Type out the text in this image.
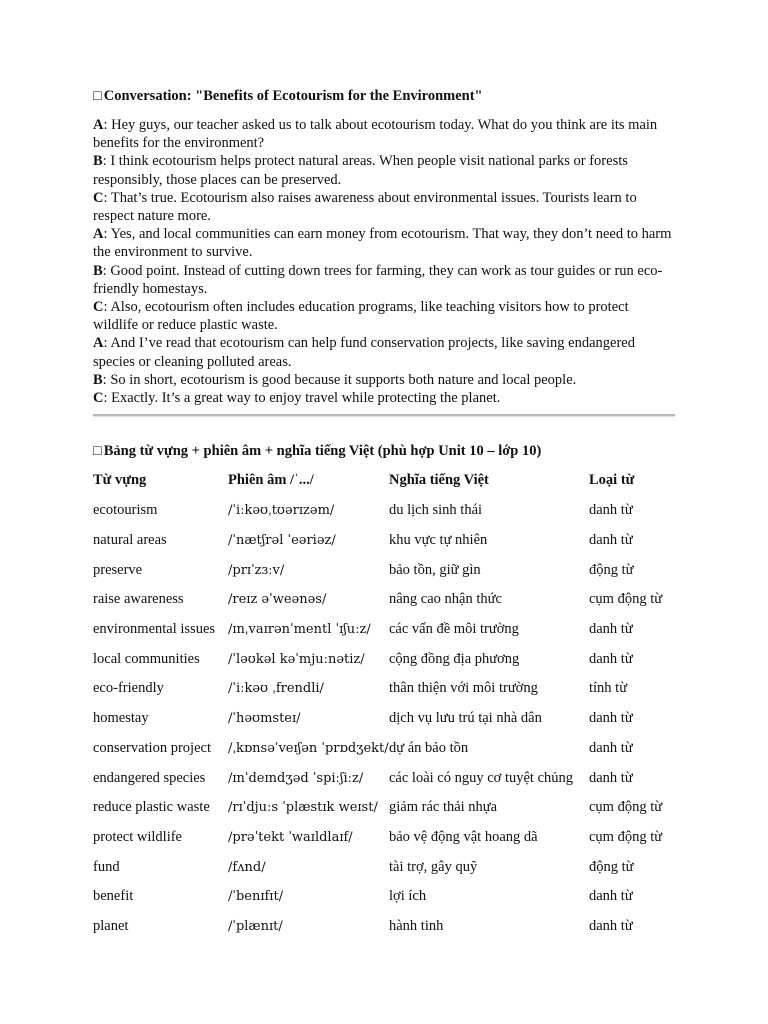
□ Conversation: "Benefits of Ecotourism for the Environment"

A: Hey guys, our teacher asked us to talk about ecotourism today. What do you think are its main benefits for the environment?

B: I think ecotourism helps protect natural areas. When people visit national parks or forests responsibly, those places can be preserved.

C: That’s true. Ecotourism also raises awareness about environmental issues. Tourists learn to respect nature more.

A: Yes, and local communities can earn money from ecotourism. That way, they don’t need to harm the environment to survive.

B: Good point. Instead of cutting down trees for farming, they can work as tour guides or run eco-friendly homestays.

C: Also, ecotourism often includes education programs, like teaching visitors how to protect wildlife or reduce plastic waste.

A: And I’ve read that ecotourism can help fund conservation projects, like saving endangered species or cleaning polluted areas.

B: So in short, ecotourism is good because it supports both nature and local people.

C: Exactly. It’s a great way to enjoy travel while protecting the planet.

□ Bảng từ vựng + phiên âm + nghĩa tiếng Việt (phù hợp Unit 10 – lớp 10)
Từ vựng	Phiên âm /ˈ.../	Nghĩa tiếng Việt	Loại từ
ecotourism	/ˈiːkəʊˌtʊərɪzəm/	du lịch sinh thái	danh từ
natural areas	/ˈnætʃrəl ˈeəriəz/	khu vực tự nhiên	danh từ
preserve	/prɪˈzɜːv/	bảo tồn, giữ gìn	động từ
raise awareness	/reɪz əˈweənəs/	nâng cao nhận thức	cụm động từ
environmental issues	/ɪnˌvaɪrənˈmentl ˈɪʃuːz/	các vấn đề môi trường	danh từ
local communities	/ˈləʊkəl kəˈmjuːnətiz/	cộng đồng địa phương	danh từ
eco-friendly	/ˈiːkəʊ ˌfrendli/	thân thiện với môi trường	tính từ
homestay	/ˈhəʊmsteɪ/	dịch vụ lưu trú tại nhà dân	danh từ
conservation project	/ˌkɒnsəˈveɪʃən ˈprɒdʒekt/	dự án bảo tồn	danh từ
endangered species	/ɪnˈdeɪndʒəd ˈspiːʃiːz/	các loài có nguy cơ tuyệt chủng	danh từ
reduce plastic waste	/rɪˈdjuːs ˈplæstɪk weɪst/	giảm rác thải nhựa	cụm động từ
protect wildlife	/prəˈtekt ˈwaɪldlaɪf/	bảo vệ động vật hoang dã	cụm động từ
fund	/fʌnd/	tài trợ, gây quỹ	động từ
benefit	/ˈbenɪfɪt/	lợi ích	danh từ
planet	/ˈplænɪt/	hành tinh	danh từ
